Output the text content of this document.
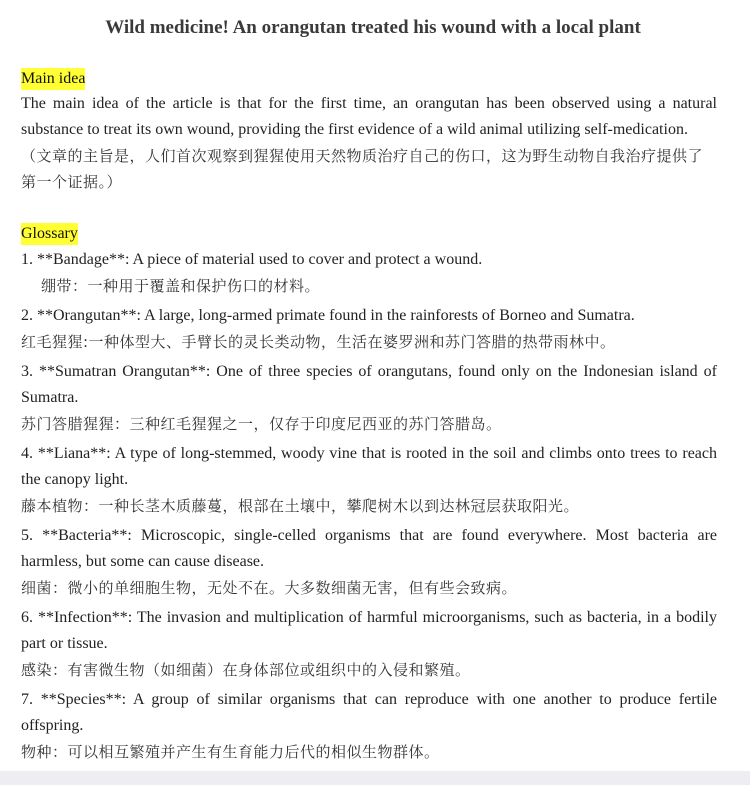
Wild medicine! An orangutan treated his wound with a local plant
Main idea
The main idea of the article is that for the first time, an orangutan has been observed using a natural substance to treat its own wound, providing the first evidence of a wild animal utilizing self-medication.
（文章的主旨是，人们首次观察到猩猩使用天然物质治疗自己的伤口，这为野生动物自我治疗提供了第一个证据。）
Glossary
1. **Bandage**: A piece of material used to cover and protect a wound.
绷带：一种用于覆盖和保护伤口的材料。
2. **Orangutan**: A large, long-armed primate found in the rainforests of Borneo and Sumatra.
红毛猩猩:一种体型大、手臂长的灵长类动物，生活在婆罗洲和苏门答腊的热带雨林中。
3. **Sumatran Orangutan**: One of three species of orangutans, found only on the Indonesian island of Sumatra.
苏门答腊猩猩：三种红毛猩猩之一，仅存于印度尼西亚的苏门答腊岛。
4. **Liana**: A type of long-stemmed, woody vine that is rooted in the soil and climbs onto trees to reach the canopy light.
藤本植物：一种长茎木质藤蔓，根部在土壤中，攀爬树木以到达林冠层获取阳光。
5. **Bacteria**: Microscopic, single-celled organisms that are found everywhere. Most bacteria are harmless, but some can cause disease.
细菌：微小的单细胞生物，无处不在。大多数细菌无害，但有些会致病。
6. **Infection**: The invasion and multiplication of harmful microorganisms, such as bacteria, in a bodily part or tissue.
感染：有害微生物（如细菌）在身体部位或组织中的入侵和繁殖。
7. **Species**: A group of similar organisms that can reproduce with one another to produce fertile offspring.
物种：可以相互繁殖并产生有生育能力后代的相似生物群体。
